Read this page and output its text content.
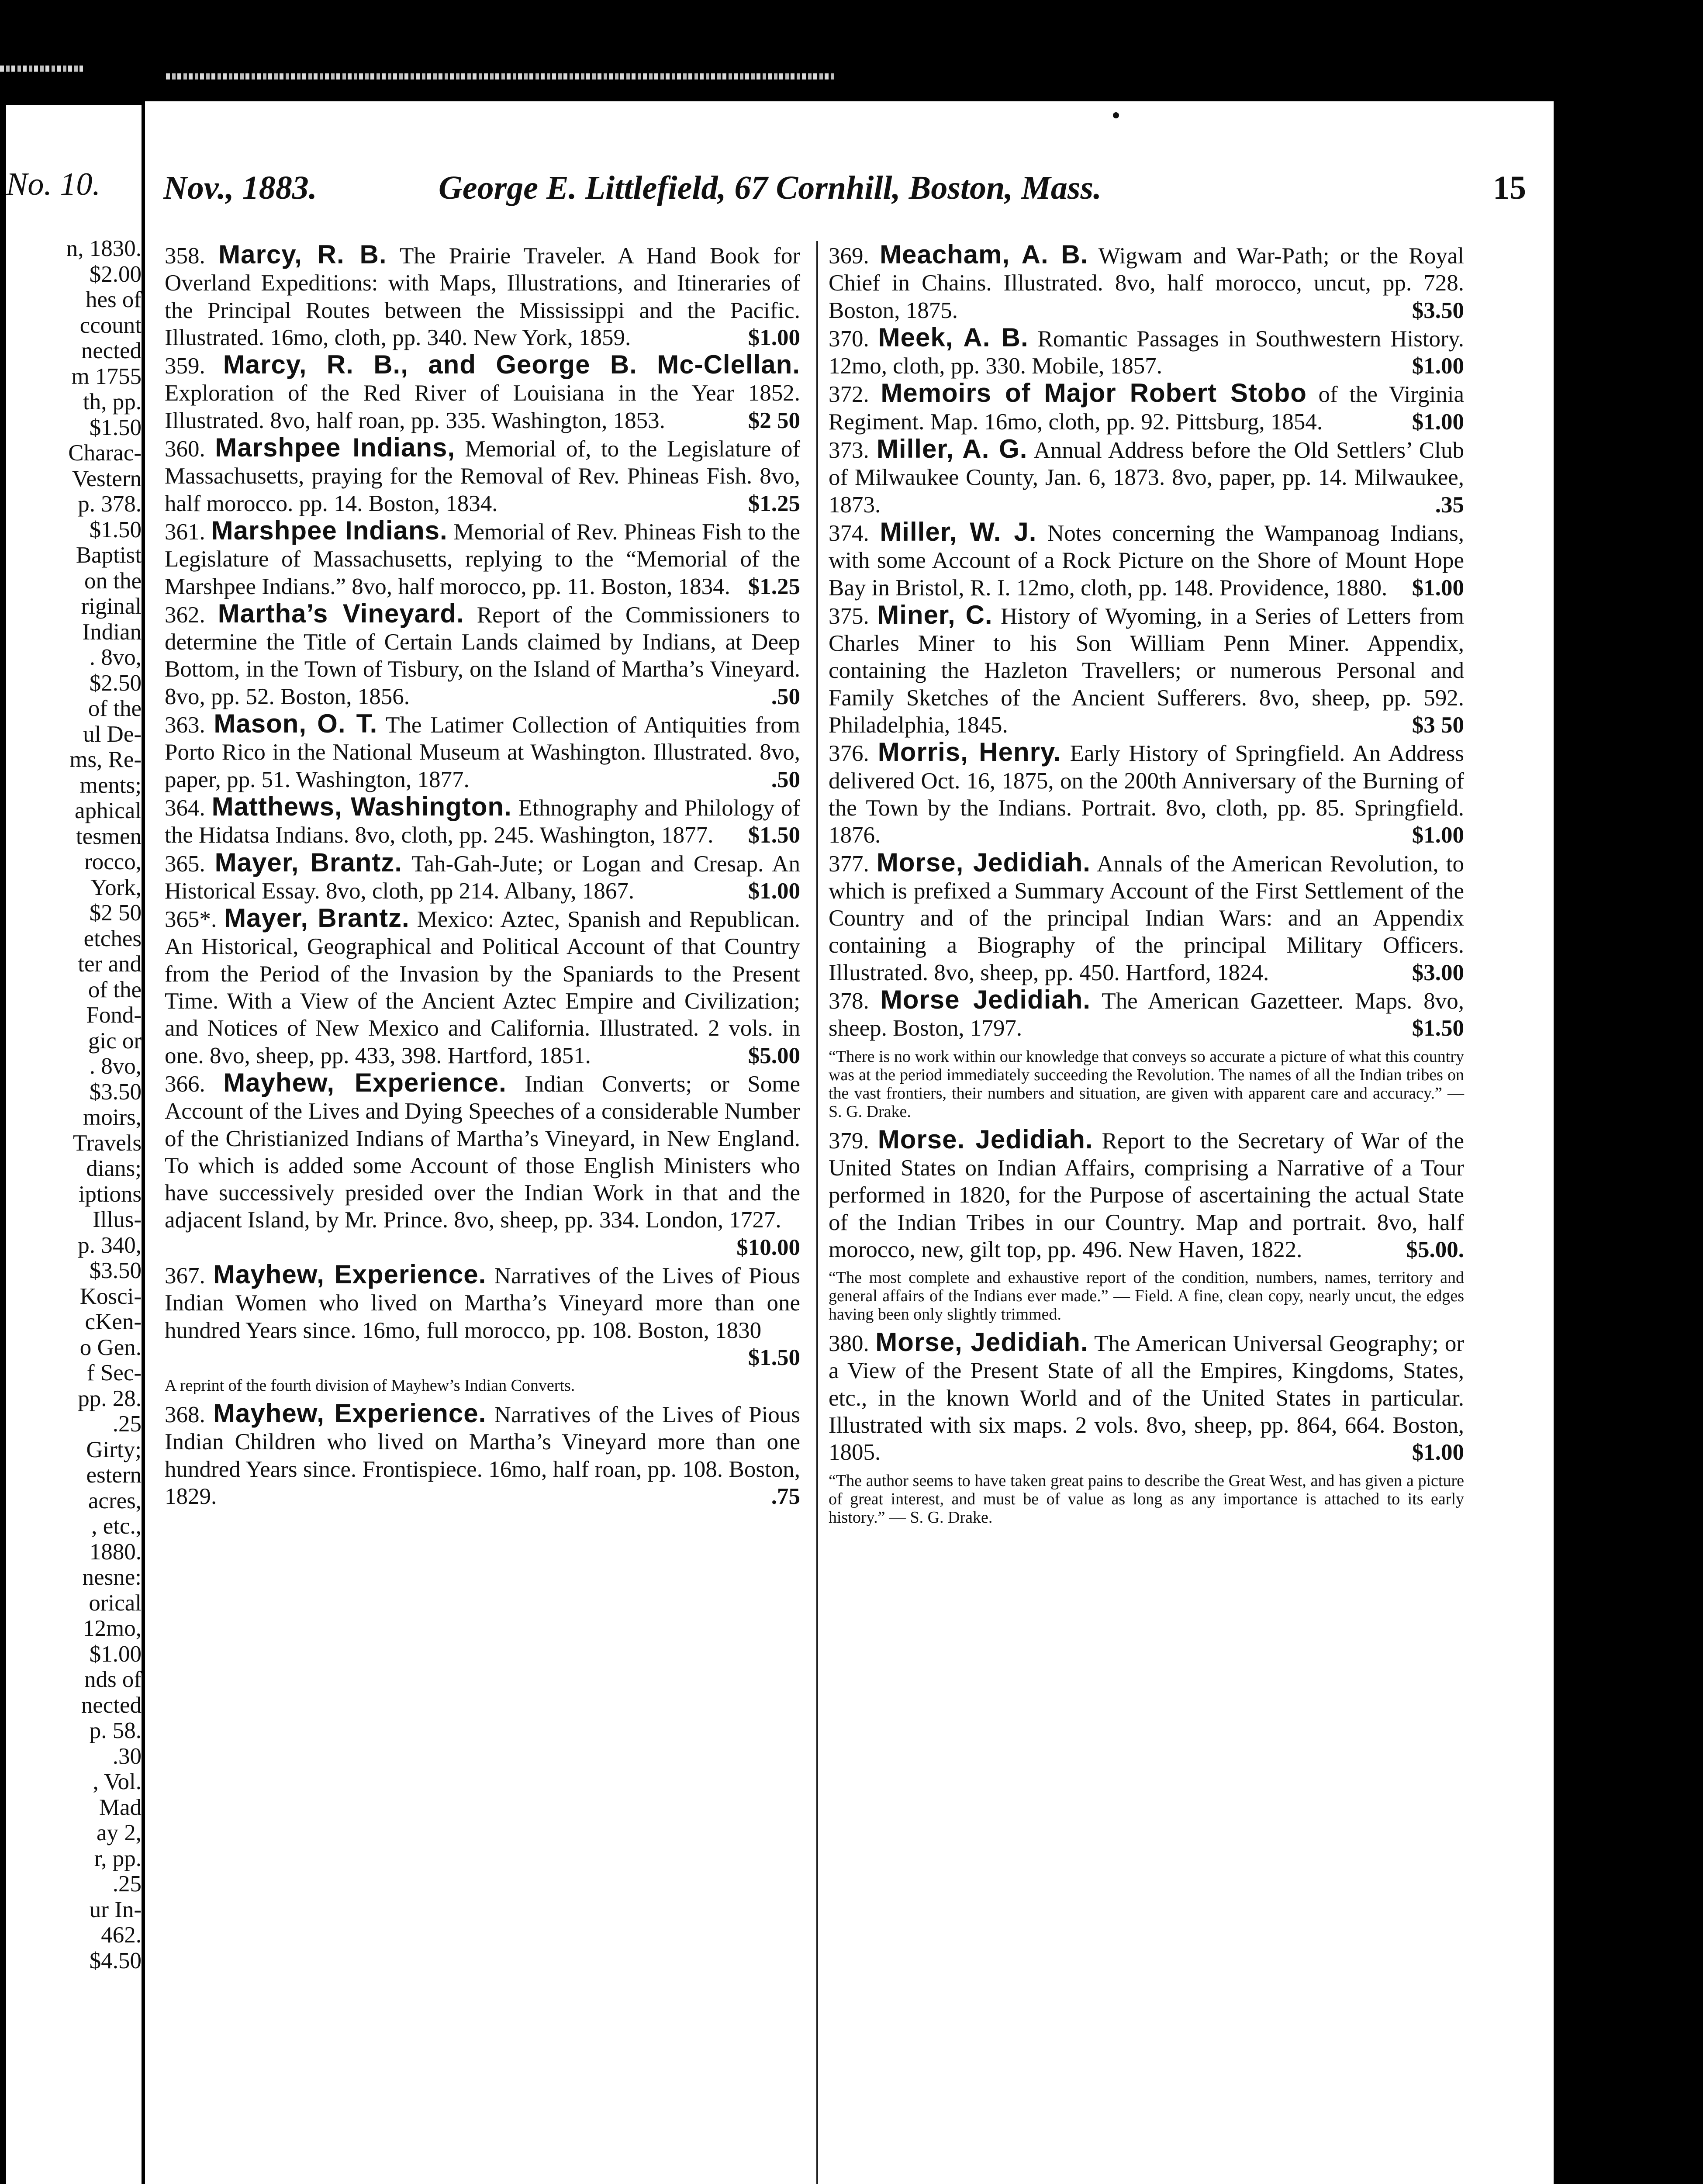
No. 10.
n, 1830.
$2.00
hes of
ccount
nected
m 1755
th, pp.
$1.50
Charac-
Vestern
p. 378.
$1.50
Baptist
on the
riginal
Indian
. 8vo,
$2.50
of the
ul De-
ms, Re-
ments;
aphical
tesmen
rocco,
York,
$2 50
etches
ter and
of the
Fond-
gic or
. 8vo,
$3.50
moirs,
Travels
dians;
iptions
Illus-
p. 340,
$3.50
Kosci-
cKen-
o Gen.
f Sec-
pp. 28.
.25
Girty;
estern
acres,
, etc.,
1880.
nesne:
orical
12mo,
$1.00
nds of
nected
p. 58.
.30
, Vol.
Mad
ay 2,
r, pp.
.25
ur In-
462.
$4.50
Nov., 1883.	George E. Littlefield, 67 Cornhill, Boston, Mass.	15
358. Marcy, R. B. The Prairie Traveler. A Hand Book for Overland Expeditions: with Maps, Illustrations, and Itineraries of the Principal Routes between the Mississippi and the Pacific. Illustrated. 16mo, cloth, pp. 340. New York, 1859.	$1.00
359. Marcy, R. B., and George B. Mc-Clellan. Exploration of the Red River of Louisiana in the Year 1852. Illustrated. 8vo, half roan, pp. 335. Washington, 1853.	$2 50
360. Marshpee Indians, Memorial of, to the Legislature of Massachusetts, praying for the Removal of Rev. Phineas Fish. 8vo, half morocco. pp. 14. Boston, 1834.	$1.25
361. Marshpee Indians. Memorial of Rev. Phineas Fish to the Legislature of Massachusetts, replying to the “Memorial of the Marshpee Indians.” 8vo, half morocco, pp. 11. Boston, 1834. $1.25
362. Martha’s Vineyard. Report of the Commissioners to determine the Title of Certain Lands claimed by Indians, at Deep Bottom, in the Town of Tisbury, on the Island of Martha’s Vineyard. 8vo, pp. 52. Boston, 1856.	.50
363. Mason, O. T. The Latimer Collection of Antiquities from Porto Rico in the National Museum at Washington. Illustrated. 8vo, paper, pp. 51. Washington, 1877.	.50
364. Matthews, Washington. Ethnography and Philology of the Hidatsa Indians. 8vo, cloth, pp. 245. Washington, 1877.	$1.50
365. Mayer, Brantz. Tah-Gah-Jute; or Logan and Cresap. An Historical Essay. 8vo, cloth, pp 214. Albany, 1867.	$1.00
365*. Mayer, Brantz. Mexico: Aztec, Spanish and Republican. An Historical, Geographical and Political Account of that Country from the Period of the Invasion by the Spaniards to the Present Time. With a View of the Ancient Aztec Empire and Civilization; and Notices of New Mexico and California. Illustrated. 2 vols. in one. 8vo, sheep, pp. 433, 398. Hartford, 1851.	$5.00
366. Mayhew, Experience. Indian Converts; or Some Account of the Lives and Dying Speeches of a considerable Number of the Christianized Indians of Martha’s Vineyard, in New England. To which is added some Account of those English Ministers who have successively presided over the Indian Work in that and the adjacent Island, by Mr. Prince. 8vo, sheep, pp. 334. London, 1727.
$10.00
367. Mayhew, Experience. Narratives of the Lives of Pious Indian Women who lived on Martha’s Vineyard more than one hundred Years since. 16mo, full morocco, pp. 108. Boston, 1830
$1.50
A reprint of the fourth division of Mayhew’s Indian Converts.
368. Mayhew, Experience. Narratives of the Lives of Pious Indian Children who lived on Martha’s Vineyard more than one hundred Years since. Frontispiece. 16mo, half roan, pp. 108. Boston, 1829.	.75
369. Meacham, A. B. Wigwam and War-Path; or the Royal Chief in Chains. Illustrated. 8vo, half morocco, uncut, pp. 728. Boston, 1875.	$3.50
370. Meek, A. B. Romantic Passages in Southwestern History. 12mo, cloth, pp. 330. Mobile, 1857.	$1.00
372. Memoirs of Major Robert Stobo of the Virginia Regiment. Map. 16mo, cloth, pp. 92. Pittsburg, 1854.	$1.00
373. Miller, A. G. Annual Address before the Old Settlers’ Club of Milwaukee County, Jan. 6, 1873. 8vo, paper, pp. 14. Milwaukee, 1873.	.35
374. Miller, W. J. Notes concerning the Wampanoag Indians, with some Account of a Rock Picture on the Shore of Mount Hope Bay in Bristol, R. I. 12mo, cloth, pp. 148. Providence, 1880.	$1.00
375. Miner, C. History of Wyoming, in a Series of Letters from Charles Miner to his Son William Penn Miner. Appendix, containing the Hazleton Travellers; or numerous Personal and Family Sketches of the Ancient Sufferers. 8vo, sheep, pp. 592. Philadelphia, 1845.	$3 50
376. Morris, Henry. Early History of Springfield. An Address delivered Oct. 16, 1875, on the 200th Anniversary of the Burning of the Town by the Indians. Portrait. 8vo, cloth, pp. 85. Springfield. 1876.	$1.00
377. Morse, Jedidiah. Annals of the American Revolution, to which is prefixed a Summary Account of the First Settlement of the Country and of the principal Indian Wars: and an Appendix containing a Biography of the principal Military Officers. Illustrated. 8vo, sheep, pp. 450. Hartford, 1824.	$3.00
378. Morse Jedidiah. The American Gazetteer. Maps. 8vo, sheep. Boston, 1797.	$1.50
“There is no work within our knowledge that conveys so accurate a picture of what this country was at the period immediately succeeding the Revolution. The names of all the Indian tribes on the vast frontiers, their numbers and situation, are given with apparent care and accuracy.” — S. G. Drake.
379. Morse. Jedidiah. Report to the Secretary of War of the United States on Indian Affairs, comprising a Narrative of a Tour performed in 1820, for the Purpose of ascertaining the actual State of the Indian Tribes in our Country. Map and portrait. 8vo, half morocco, new, gilt top, pp. 496. New Haven, 1822.	$5.00.
“The most complete and exhaustive report of the condition, numbers, names, territory and general affairs of the Indians ever made.” — Field. A fine, clean copy, nearly uncut, the edges having been only slightly trimmed.
380. Morse, Jedidiah. The American Universal Geography; or a View of the Present State of all the Empires, Kingdoms, States, etc., in the known World and of the United States in particular. Illustrated with six maps. 2 vols. 8vo, sheep, pp. 864, 664. Boston, 1805.	$1.00
“The author seems to have taken great pains to describe the Great West, and has given a picture of great interest, and must be of value as long as any importance is attached to its early history.” — S. G. Drake.
